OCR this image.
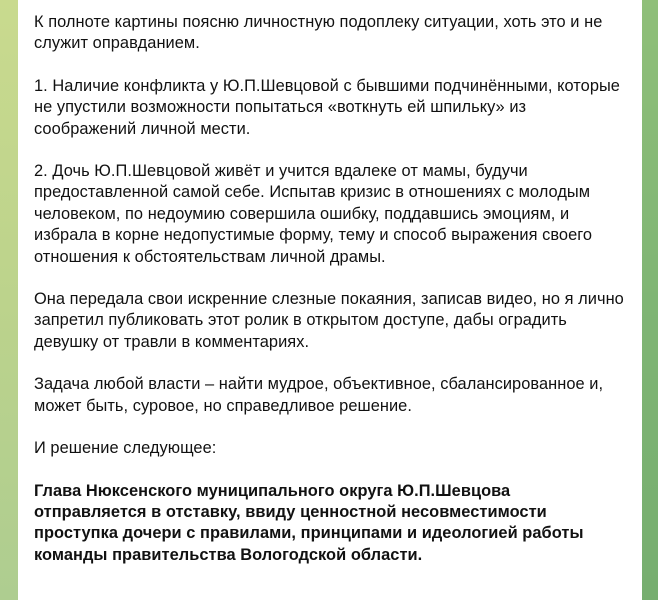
К полноте картины поясню личностную подоплеку ситуации, хоть это и не служит оправданием.

1. Наличие конфликта у Ю.П.Шевцовой с бывшими подчинёнными, которые не упустили возможности попытаться «воткнуть ей шпильку» из соображений личной мести.

2. Дочь Ю.П.Шевцовой живёт и учится вдалеке от мамы, будучи предоставленной самой себе. Испытав кризис в отношениях с молодым человеком, по недоумию совершила ошибку, поддавшись эмоциям, и избрала в корне недопустимые форму, тему и способ выражения своего отношения к обстоятельствам личной драмы.

Она передала свои искренние слезные покаяния, записав видео, но я лично запретил публиковать этот ролик в открытом доступе, дабы оградить девушку от травли в комментариях.

Задача любой власти – найти мудрое, объективное, сбалансированное и, может быть, суровое, но справедливое решение.

И решение следующее:

Глава Нюксенского муниципального округа Ю.П.Шевцова отправляется в отставку, ввиду ценностной несовместимости проступка дочери с правилами, принципами и идеологией работы команды правительства Вологодской области.
